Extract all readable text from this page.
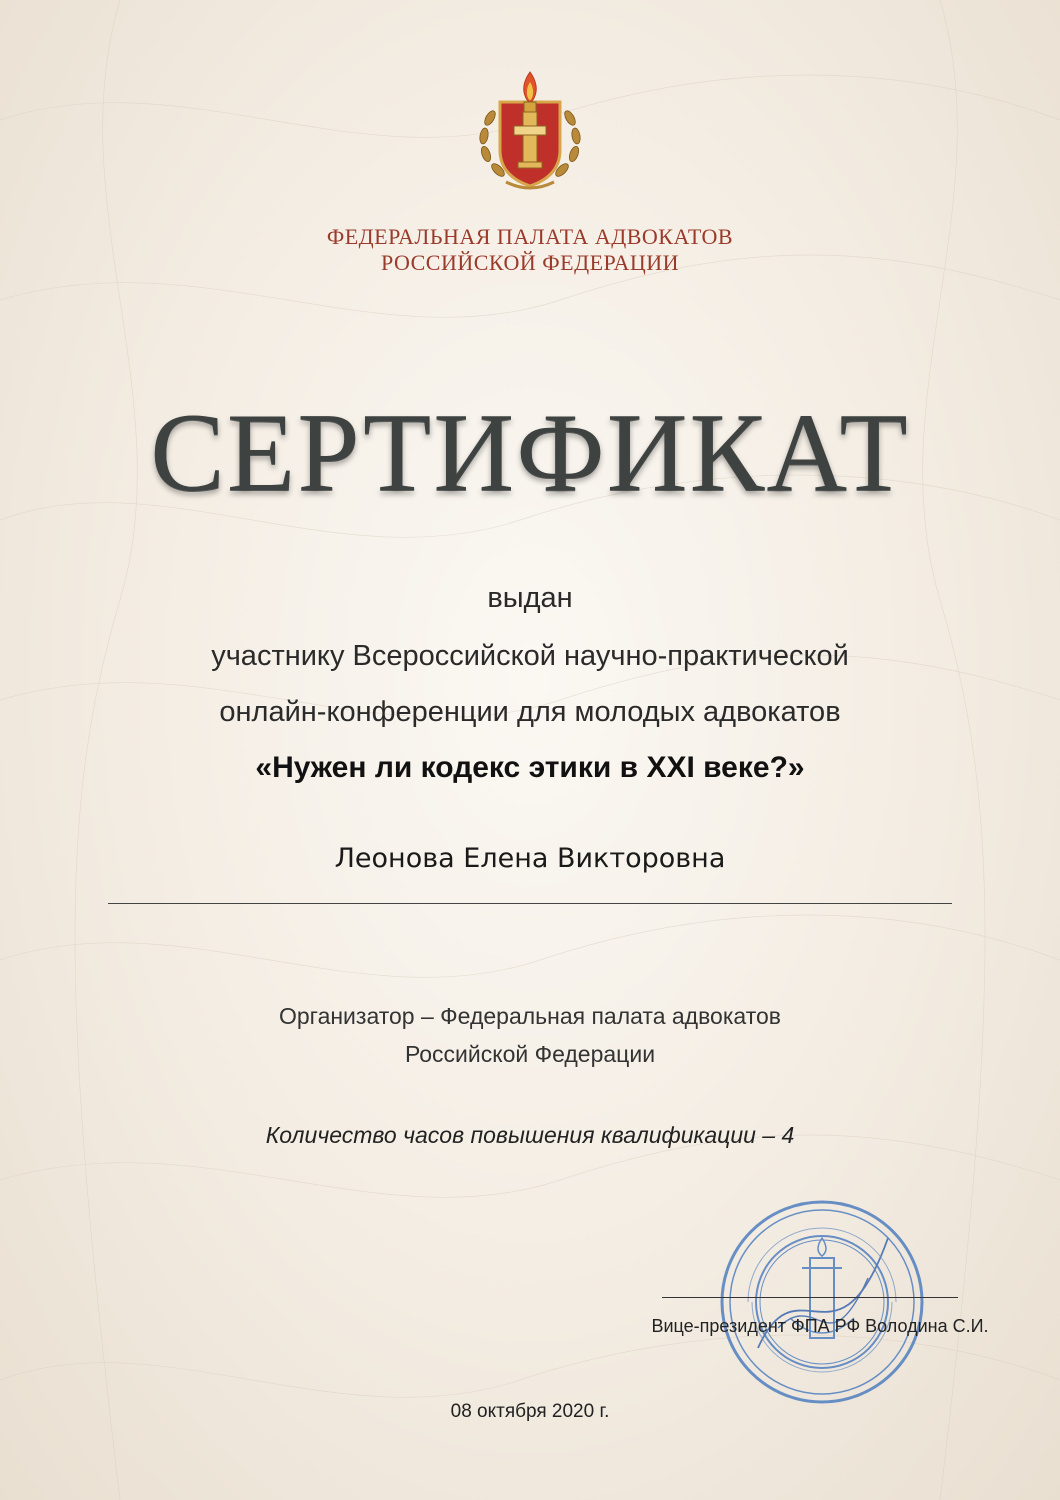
ФЕДЕРАЛЬНАЯ ПАЛАТА АДВОКАТОВ
РОССИЙСКОЙ ФЕДЕРАЦИИ
СЕРТИФИКАТ
выдан
участнику Всероссийской научно-практической
онлайн-конференции для молодых адвокатов
«Нужен ли кодекс этики в XXI веке?»
Леонова Елена Викторовна
Организатор – Федеральная палата адвокатов
Российской Федерации
Количество часов повышения квалификации – 4
Вице-президент ФПА РФ Володина С.И.
08 октября 2020 г.
